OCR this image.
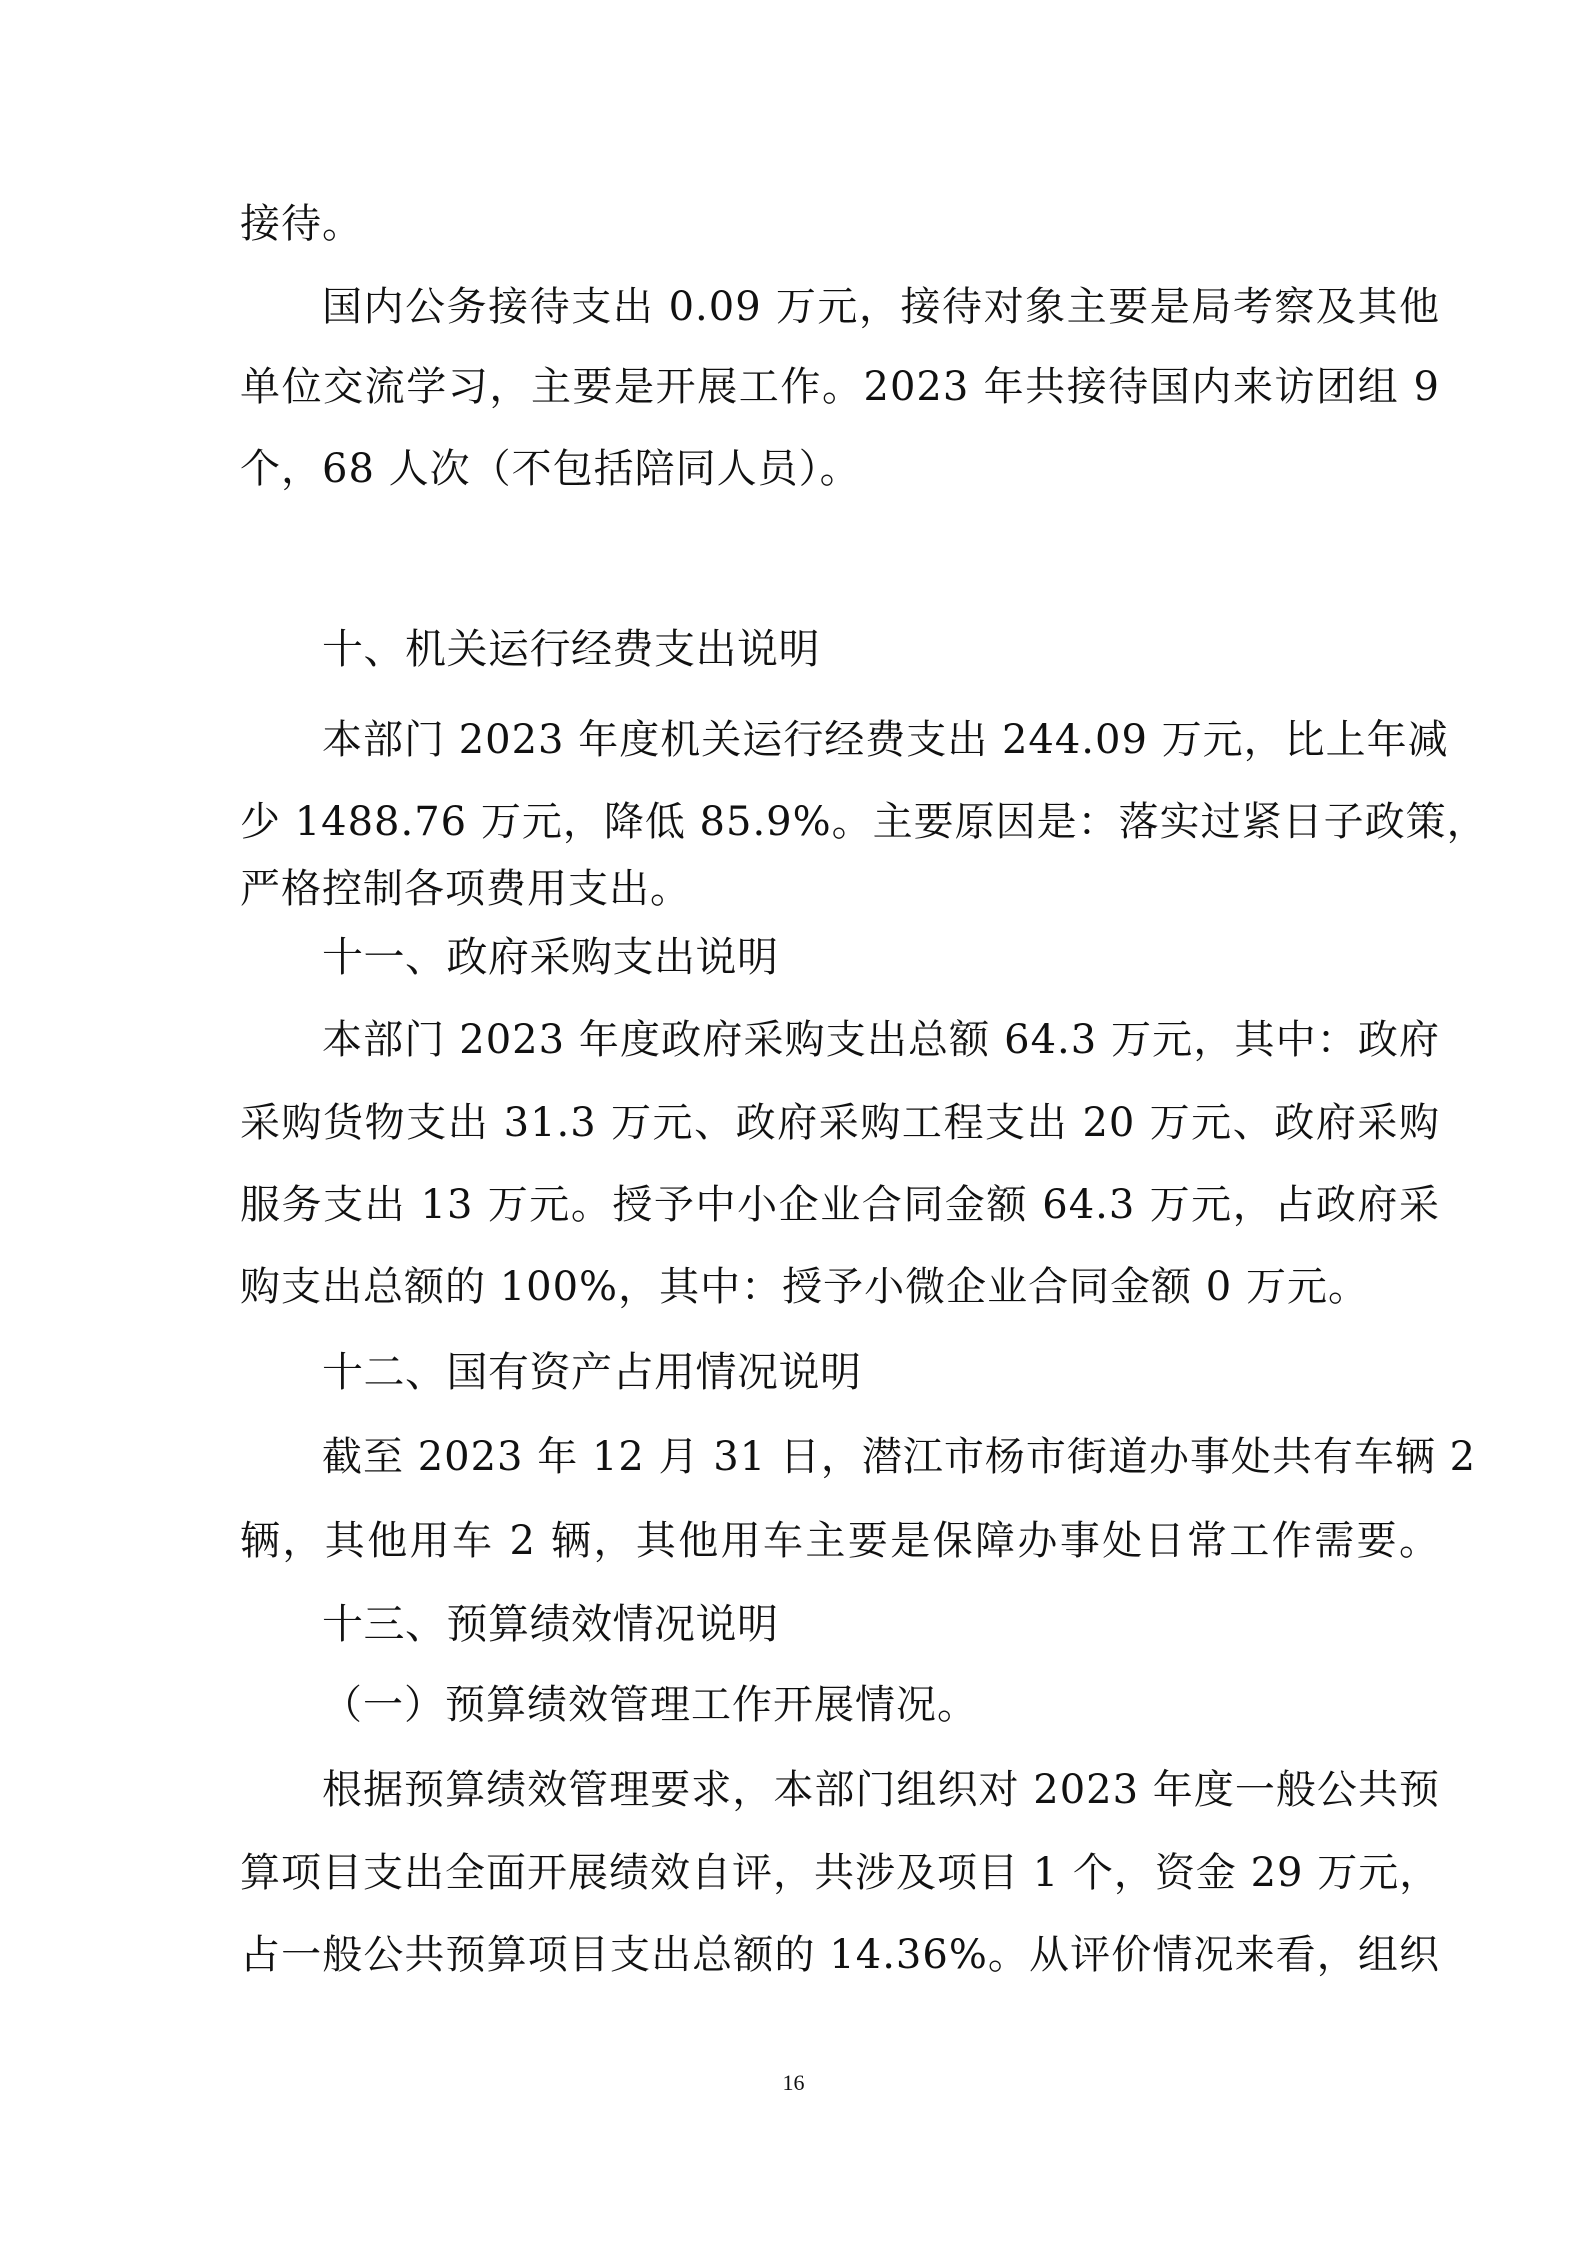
接待。
国内公务接待支出 0.09 万元，接待对象主要是局考察及其他
单位交流学习，主要是开展工作。2023 年共接待国内来访团组 9
个，68 人次（不包括陪同人员）。
十、机关运行经费支出说明
本部门 2023 年度机关运行经费支出 244.09 万元，比上年减
少 1488.76 万元，降低 85.9%。主要原因是：落实过紧日子政策，
严格控制各项费用支出。
十一、政府采购支出说明
本部门 2023 年度政府采购支出总额 64.3 万元，其中：政府
采购货物支出 31.3 万元、政府采购工程支出 20 万元、政府采购
服务支出 13 万元。授予中小企业合同金额 64.3 万元，占政府采
购支出总额的 100%，其中：授予小微企业合同金额 0 万元。
十二、国有资产占用情况说明
截至 2023 年 12 月 31 日，潜江市杨市街道办事处共有车辆 2
辆，其他用车 2 辆，其他用车主要是保障办事处日常工作需要。
十三、预算绩效情况说明
（一）预算绩效管理工作开展情况。
根据预算绩效管理要求，本部门组织对 2023 年度一般公共预
算项目支出全面开展绩效自评，共涉及项目 1 个，资金 29 万元，
占一般公共预算项目支出总额的 14.36%。从评价情况来看，组织
16
